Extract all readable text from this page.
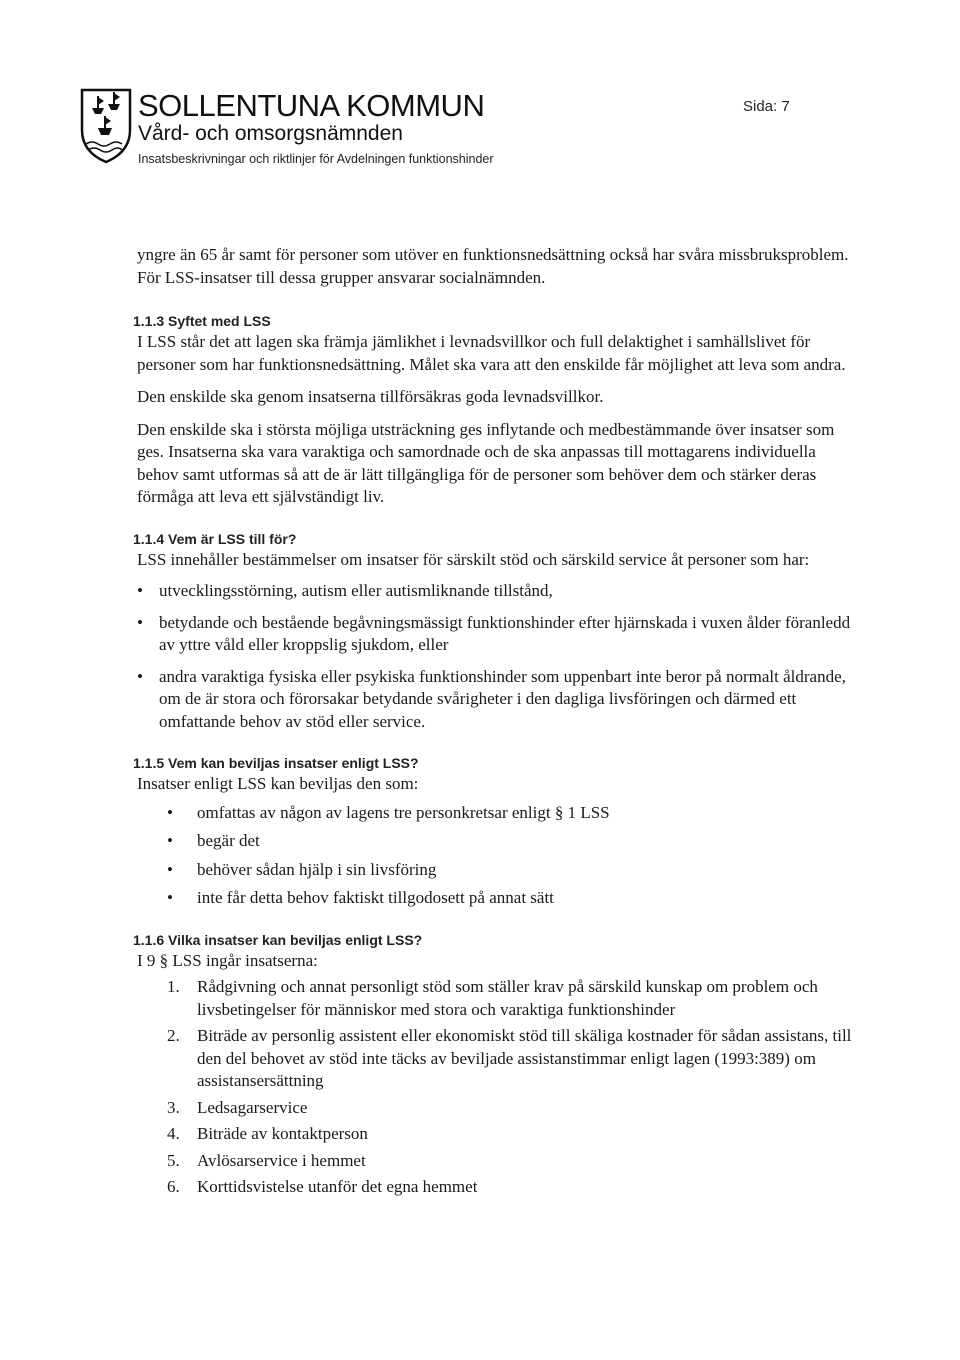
SOLLENTUNA KOMMUN
Vård- och omsorgsnämnden
Insatsbeskrivningar och riktlinjer för Avdelningen funktionshinder
Sida: 7

yngre än 65 år samt för personer som utöver en funktionsnedsättning också har svåra missbruksproblem. För LSS-insatser till dessa grupper ansvarar socialnämnden.

1.1.3 Syftet med LSS

I LSS står det att lagen ska främja jämlikhet i levnadsvillkor och full delaktighet i samhällslivet för personer som har funktionsnedsättning. Målet ska vara att den enskilde får möjlighet att leva som andra.

Den enskilde ska genom insatserna tillförsäkras goda levnadsvillkor.

Den enskilde ska i största möjliga utsträckning ges inflytande och medbestämmande över insatser som ges. Insatserna ska vara varaktiga och samordnade och de ska anpassas till mottagarens individuella behov samt utformas så att de är lätt tillgängliga för de personer som behöver dem och stärker deras förmåga att leva ett självständigt liv.

1.1.4 Vem är LSS till för?

LSS innehåller bestämmelser om insatser för särskilt stöd och särskild service åt personer som har:

• utvecklingsstörning, autism eller autismliknande tillstånd,
• betydande och bestående begåvningsmässigt funktionshinder efter hjärnskada i vuxen ålder föranledd av yttre våld eller kroppslig sjukdom, eller
• andra varaktiga fysiska eller psykiska funktionshinder som uppenbart inte beror på normalt åldrande, om de är stora och förorsakar betydande svårigheter i den dagliga livsföringen och därmed ett omfattande behov av stöd eller service.
1.1.5 Vem kan beviljas insatser enligt LSS?

Insatser enligt LSS kan beviljas den som:

• omfattas av någon av lagens tre personkretsar enligt § 1 LSS
• begär det
• behöver sådan hjälp i sin livsföring
• inte får detta behov faktiskt tillgodosett på annat sätt
1.1.6 Vilka insatser kan beviljas enligt LSS?

I 9 § LSS ingår insatserna:

1. Rådgivning och annat personligt stöd som ställer krav på särskild kunskap om problem och livsbetingelser för människor med stora och varaktiga funktionshinder
2. Biträde av personlig assistent eller ekonomiskt stöd till skäliga kostnader för sådan assistans, till den del behovet av stöd inte täcks av beviljade assistanstimmar enligt lagen (1993:389) om assistansersättning
3. Ledsagarservice
4. Biträde av kontaktperson
5. Avlösarservice i hemmet
6. Korttidsvistelse utanför det egna hemmet
